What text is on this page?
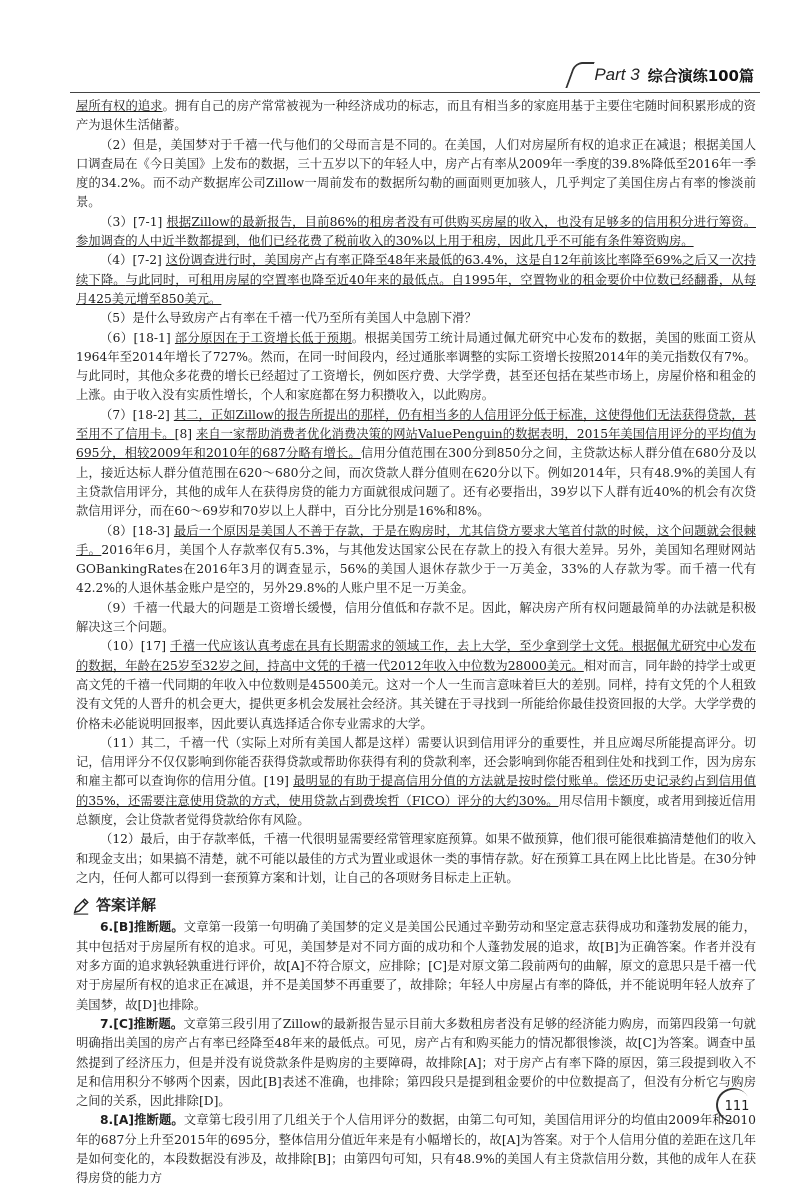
Part 3 综合演练100篇

屋所有权的追求。拥有自己的房产常常被视为一种经济成功的标志，而且有相当多的家庭用基于主要住宅随时间积累形成的资产为退休生活储蓄。

（2）但是，美国梦对于千禧一代与他们的父母而言是不同的。在美国，人们对房屋所有权的追求正在减退；根据美国人口调查局在《今日美国》上发布的数据，三十五岁以下的年轻人中，房产占有率从2009年一季度的39.8%降低至2016年一季度的34.2%。而不动产数据库公司Zillow一周前发布的数据所勾勒的画面则更加骇人，几乎判定了美国住房占有率的惨淡前景。

（3）[7-1] 根据Zillow的最新报告，目前86%的租房者没有可供购买房屋的收入，也没有足够多的信用积分进行筹资。参加调查的人中近半数都提到，他们已经花费了税前收入的30%以上用于租房，因此几乎不可能有条件筹资购房。

（4）[7-2] 这份调查进行时，美国房产占有率正降至48年来最低的63.4%，这是自12年前该比率降至69%之后又一次持续下降。与此同时，可租用房屋的空置率也降至近40年来的最低点。自1995年，空置物业的租金要价中位数已经翻番，从每月425美元增至850美元。

（5）是什么导致房产占有率在千禧一代乃至所有美国人中急剧下滑？

（6）[18-1] 部分原因在于工资增长低于预期。根据美国劳工统计局通过佩尤研究中心发布的数据，美国的账面工资从1964年至2014年增长了727%。然而，在同一时间段内，经过通胀率调整的实际工资增长按照2014年的美元指数仅有7%。与此同时，其他众多花费的增长已经超过了工资增长，例如医疗费、大学学费，甚至还包括在某些市场上，房屋价格和租金的上涨。由于收入没有实质性增长，个人和家庭都在努力积攒收入，以此购房。

（7）[18-2] 其二，正如Zillow的报告所提出的那样，仍有相当多的人信用评分低于标准，这使得他们无法获得贷款，甚至用不了信用卡。[8] 来自一家帮助消费者优化消费决策的网站ValuePenguin的数据表明，2015年美国信用评分的平均值为695分，相较2009年和2010年的687分略有增长。信用分值范围在300分到850分之间，主贷款达标人群分值在680分及以上，接近达标人群分值范围在620～680分之间，而次贷款人群分值则在620分以下。例如2014年，只有48.9%的美国人有主贷款信用评分，其他的成年人在获得房贷的能力方面就很成问题了。还有必要指出，39岁以下人群有近40%的机会有次贷款信用评分，而在60～69岁和70岁以上人群中，百分比分别是16%和8%。

（8）[18-3] 最后一个原因是美国人不善于存款，于是在购房时，尤其信贷方要求大笔首付款的时候，这个问题就会很棘手。2016年6月，美国个人存款率仅有5.3%，与其他发达国家公民在存款上的投入有很大差异。另外，美国知名理财网站GOBankingRates在2016年3月的调查显示，56%的美国人退休存款少于一万美金，33%的人存款为零。而千禧一代有42.2%的人退休基金账户是空的，另外29.8%的人账户里不足一万美金。

（9）千禧一代最大的问题是工资增长缓慢，信用分值低和存款不足。因此，解决房产所有权问题最简单的办法就是积极解决这三个问题。

（10）[17] 千禧一代应该认真考虑在具有长期需求的领域工作，去上大学，至少拿到学士文凭。根据佩尤研究中心发布的数据，年龄在25岁至32岁之间，持高中文凭的千禧一代2012年收入中位数为28000美元。相对而言，同年龄的持学士或更高文凭的千禧一代同期的年收入中位数则是45500美元。这对一个人一生而言意味着巨大的差别。同样，持有文凭的个人租致没有文凭的人晋升的机会更大，提供更多机会发展社会经济。其关键在于寻找到一所能给你最佳投资回报的大学。大学学费的价格未必能说明回报率，因此要认真选择适合你专业需求的大学。

（11）其二，千禧一代（实际上对所有美国人都是这样）需要认识到信用评分的重要性，并且应竭尽所能提高评分。切记，信用评分不仅仅影响到你能否获得贷款或帮助你获得有利的贷款利率，还会影响到你能否租到住处和找到工作，因为房东和雇主都可以查询你的信用分值。[19] 最明显的有助于提高信用分值的方法就是按时偿付账单。偿还历史记录约占到信用值的35%，还需要注意使用贷款的方式，使用贷款占到费埃哲（FICO）评分的大约30%。用尽信用卡额度，或者用到接近信用总额度，会让贷款者觉得贷款给你有风险。

（12）最后，由于存款率低，千禧一代很明显需要经常管理家庭预算。如果不做预算，他们很可能很难搞清楚他们的收入和现金支出；如果搞不清楚，就不可能以最佳的方式为置业或退休一类的事情存款。好在预算工具在网上比比皆是。在30分钟之内，任何人都可以得到一套预算方案和计划，让自己的各项财务目标走上正轨。

答案详解

6.[B]推断题。文章第一段第一句明确了美国梦的定义是美国公民通过辛勤劳动和坚定意志获得成功和蓬勃发展的能力，其中包括对于房屋所有权的追求。可见，美国梦是对不同方面的成功和个人蓬勃发展的追求，故[B]为正确答案。作者并没有对多方面的追求孰轻孰重进行评价，故[A]不符合原文，应排除；[C]是对原文第二段前两句的曲解，原文的意思只是千禧一代对于房屋所有权的追求正在减退，并不是美国梦不再重要了，故排除；年轻人中房屋占有率的降低，并不能说明年轻人放弃了美国梦，故[D]也排除。

7.[C]推断题。文章第三段引用了Zillow的最新报告显示目前大多数租房者没有足够的经济能力购房，而第四段第一句就明确指出美国的房产占有率已经降至48年来的最低点。可见，房产占有和购买能力的情况都很惨淡，故[C]为答案。调查中虽然提到了经济压力，但是并没有说贷款条件是购房的主要障碍，故排除[A]；对于房产占有率下降的原因，第三段提到收入不足和信用积分不够两个因素，因此[B]表述不准确，也排除；第四段只是提到租金要价的中位数提高了，但没有分析它与购房之间的关系，因此排除[D]。

8.[A]推断题。文章第七段引用了几组关于个人信用评分的数据，由第二句可知，美国信用评分的均值由2009年和2010年的687分上升至2015年的695分，整体信用分值近年来是有小幅增长的，故[A]为答案。对于个人信用分值的差距在这几年是如何变化的，本段数据没有涉及，故排除[B]；由第四句可知，只有48.9%的美国人有主贷款信用分数，其他的成年人在获得房贷的能力方

111
